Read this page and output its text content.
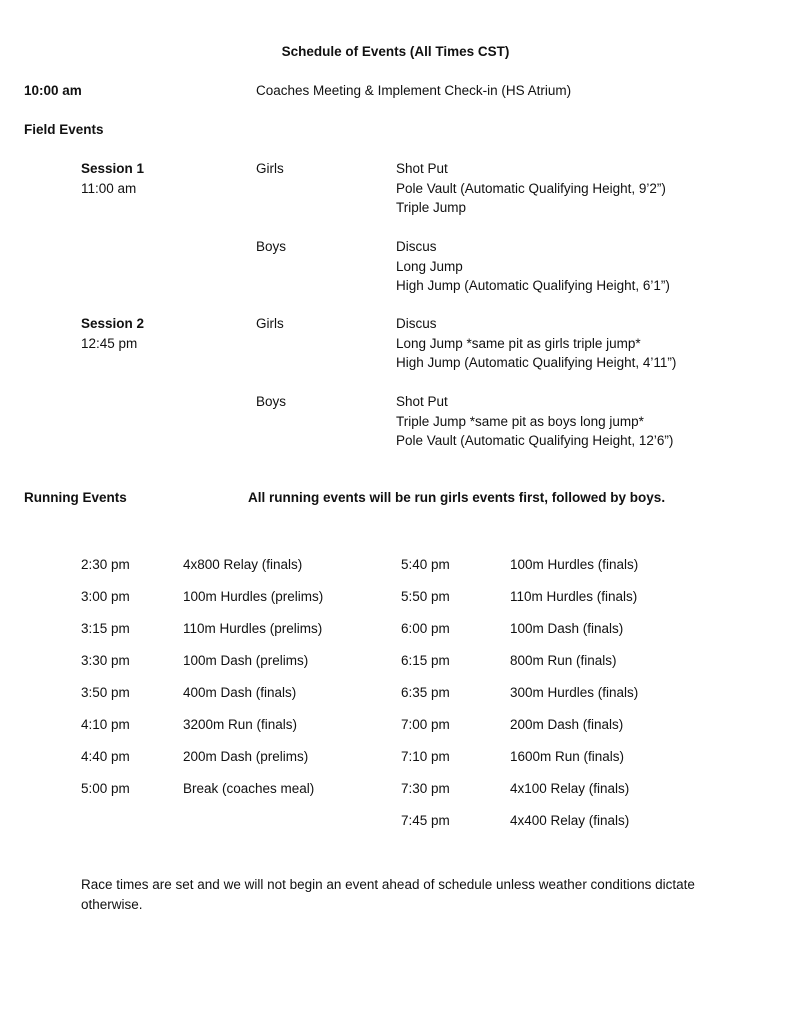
Schedule of Events (All Times CST)
10:00 am	Coaches Meeting & Implement Check-in (HS Atrium)
Field Events
Session 1
11:00 am
Girls	Shot Put
Pole Vault (Automatic Qualifying Height, 9’2”)
Triple Jump
Boys	Discus
Long Jump
High Jump (Automatic Qualifying Height, 6’1”)
Session 2
12:45 pm
Girls	Discus
Long Jump *same pit as girls triple jump*
High Jump (Automatic Qualifying Height, 4’11”)
Boys	Shot Put
Triple Jump *same pit as boys long jump*
Pole Vault (Automatic Qualifying Height, 12’6”)
Running Events	All running events will be run girls events first, followed by boys.
2:30 pm	4x800 Relay (finals)
3:00 pm	100m Hurdles (prelims)
3:15 pm	110m Hurdles (prelims)
3:30 pm	100m Dash (prelims)
3:50 pm	400m Dash (finals)
4:10 pm	3200m Run (finals)
4:40 pm	200m Dash (prelims)
5:00 pm	Break (coaches meal)
5:40 pm	100m Hurdles (finals)
5:50 pm	110m Hurdles (finals)
6:00 pm	100m Dash (finals)
6:15 pm	800m Run (finals)
6:35 pm	300m Hurdles (finals)
7:00 pm	200m Dash (finals)
7:10 pm	1600m Run (finals)
7:30 pm	4x100 Relay (finals)
7:45 pm	4x400 Relay (finals)
Race times are set and we will not begin an event ahead of schedule unless weather conditions dictate otherwise.
